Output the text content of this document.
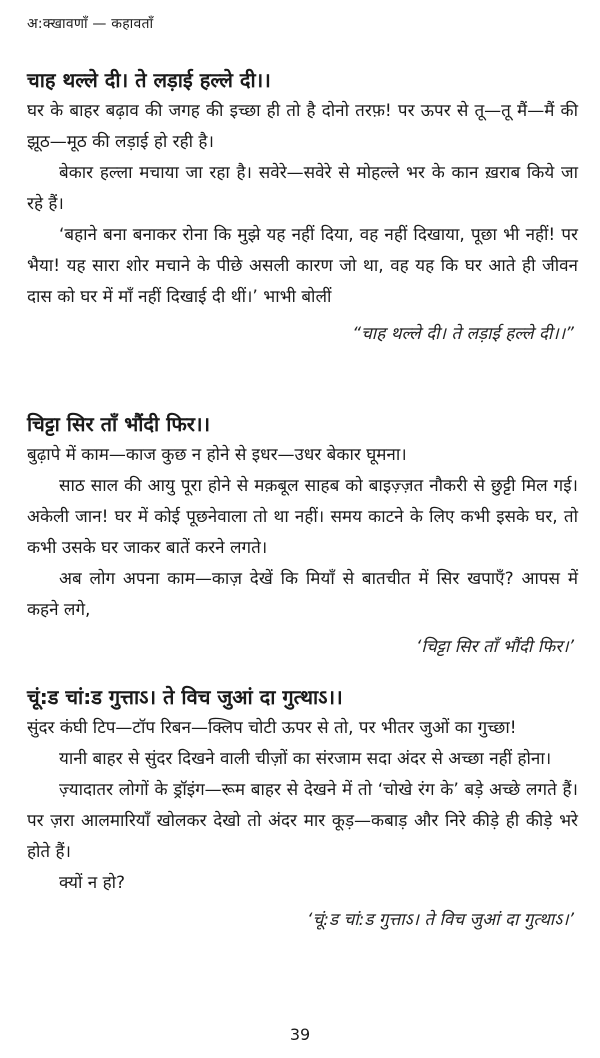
अ:क्खावणाँ — कहावताँ
चाह थल्ले दी। ते लड़ाई हल्ले दी।।

घर के बाहर बढ़ाव की जगह की इच्छा ही तो है दोनो तरफ़! पर ऊपर से तू—तू मैं—मैं की झूठ—मूठ की लड़ाई हो रही है।

बेकार हल्ला मचाया जा रहा है। सवेरे—सवेरे से मोहल्ले भर के कान ख़राब किये जा रहे हैं।

‘बहाने बना बनाकर रोना कि मुझे यह नहीं दिया, वह नहीं दिखाया, पूछा भी नहीं! पर भैया! यह सारा शोर मचाने के पीछे असली कारण जो था, वह यह कि घर आते ही जीवन दास को घर में माँ नहीं दिखाई दी थीं।’ भाभी बोलीं

“चाह थल्ले दी। ते लड़ाई हल्ले दी।।”
चिट्टा सिर ताँ भौंदी फिर।।

बुढ़ापे में काम—काज कुछ न होने से इधर—उधर बेकार घूमना।

साठ साल की आयु पूरा होने से मक़बूल साहब को बाइज़्ज़त नौकरी से छुट्टी मिल गई। अकेली जान! घर में कोई पूछनेवाला तो था नहीं। समय काटने के लिए कभी इसके घर, तो कभी उसके घर जाकर बातें करने लगते।

अब लोग अपना काम—काज़ देखें कि मियाँ से बातचीत में सिर खपाएँ? आपस में कहने लगे,

‘चिट्टा सिर ताँ भौंदी फिर।’
चूं:ड चां:ड गुत्ताऽ। ते विच जुआं दा गुत्थाऽ।।

सुंदर कंघी टिप—टॉप रिबन—क्लिप चोटी ऊपर से तो, पर भीतर जुओं का गुच्छा!

यानी बाहर से सुंदर दिखने वाली चीज़ों का संरजाम सदा अंदर से अच्छा नहीं होना।

ज़्यादातर लोगों के ड्रॉइंग—रूम बाहर से देखने में तो ‘चोखे रंग के’ बड़े अच्छे लगते हैं। पर ज़रा आलमारियाँ खोलकर देखो तो अंदर मार कूड़—कबाड़ और निरे कीड़े ही कीड़े भरे होते हैं।

क्यों न हो?

‘चूं:ड चां:ड गुत्ताऽ। ते विच जुआं दा गुत्थाऽ।’
39
